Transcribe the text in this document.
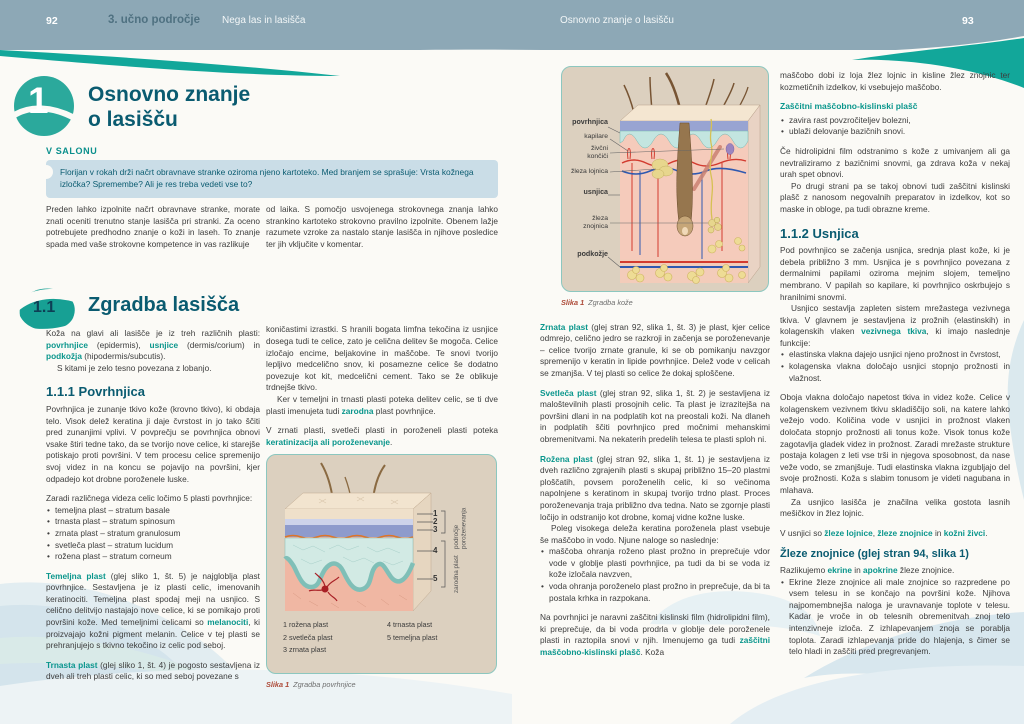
92	3. učno področje Nega las in lasišča	Osnovno znanje o lasišču	93
1 Osnovno znanje
o lasišču
V SALONU
Florijan v rokah drži načrt obravnave stranke oziroma njeno kartoteko. Med branjem se sprašuje: Vrsta kožnega izločka? Spremembe? Ali je res treba vedeti vse to?

Preden lahko izpolnite načrt obravnave stranke, morate znati oceniti trenutno stanje lasišča pri stranki. Za oceno potrebujete predhodno znanje o koži in laseh. To znanje spada med vaše strokovne kompetence in vas razlikuje

1.1 Zgradba lasišča

Koža na glavi ali lasišče je iz treh različnih plasti: povrhnjice (epidermis), usnjice (dermis/corium) in podkožja (hipodermis/subcutis).

S kitami je zelo tesno povezana z lobanjo.

1.1.1 Povrhnjica

Povrhnjica je zunanje tkivo kože (krovno tkivo), ki obdaja telo. Visok delež keratina ji daje čvrstost in jo tako ščiti pred zunanjimi vplivi. V povprečju se povrhnjica obnovi vsake štiri tedne tako, da se tvorijo nove celice, ki starejše potiskajo proti površini. V tem procesu celice spremenijo svoj videz in na koncu se pojavijo na površini, kjer odpadejo kot drobne poroženele luske.

Zaradi različnega videza celic ločimo 5 plasti povrhnjice:

• temeljna plast – stratum basale
• trnasta plast – stratum spinosum
• zrnata plast – stratum granulosum
• svetleča plast – stratum lucidum
• rožena plast – stratum corneum

Temeljna plast (glej sliko 1, št. 5) je najgloblja plast povrhnjice. Sestavljena je iz plasti celic, imenovanih keratinociti. Temeljna plast spodaj meji na usnjico. S celično delitvijo nastajajo nove celice, ki se pomikajo proti površini kože. Med temeljnimi celicami so melanociti, ki proizvajajo kožni pigment melanin. Celice v tej plasti se prehranjujejo s tkivno tekočino iz celic pod seboj.

Trnasta plast (glej sliko 1, št. 4) je pogosto sestavljena iz dveh ali treh plasti celic, ki so med seboj povezane s

od laika. S pomočjo usvojenega strokovnega znanja lahko strankino kartoteko strokovno pravilno izpolnite. Obenem lažje razumete vzroke za nastalo stanje lasišča in njihove posledice ter jih vključite v komentar.

koničastimi izrastki. S hranili bogata limfna tekočina iz usnjice dosega tudi te celice, zato je celična delitev še mogoča. Celice izločajo encime, beljakovine in maščobe. Te snovi tvorijo lepljivo medcelično snov, ki posamezne celice še dodatno povezuje kot kit, medcelični cement. Tako se že oblikuje trdnejše tkivo.

Ker v temeljni in trnasti plasti poteka delitev celic, se ti dve plasti imenujeta tudi zarodna plast povrhnjice.

V zrnati plasti, svetleči plasti in poroženeli plasti poteka keratinizacija ali poroženevanje.

1
2
3
4
5
področje poroženevanja
zarodna plast
1 rožena plast
2 svetleča plast
3 zrnata plast
4 trnasta plast
5 temeljna plast
Slika 1 Zgradba povrhnjice
povrhnjica
kapilare
živčni končiči
žleza lojnica
usnjica
žleza znojnica
podkožje
Slika 1 Zgradba kože

Zrnata plast (glej stran 92, slika 1, št. 3) je plast, kjer celice odmrejo, celično jedro se razkroji in začenja se poroženevanje – celice tvorijo zrnate granule, ki se ob pomikanju navzgor spremenijo v keratin in lipide povrhnjice. Delež vode v celicah se zmanjša. V tej plasti so celice že dokaj sploščene.

Svetleča plast (glej stran 92, slika 1, št. 2) je sestavljena iz maloštevilnih plasti prosojnih celic. Ta plast je izrazitejša na površini dlani in na podplatih kot na preostali koži. Na dlaneh in podplatih ščiti povrhnjico pred močnimi mehanskimi obremenitvami. Na nekaterih predelih telesa te plasti sploh ni.

Rožena plast (glej stran 92, slika 1, št. 1) je sestavljena iz dveh različno zgrajenih plasti s skupaj približno 15–20 plastmi ploščatih, povsem poroženelih celic, ki so večinoma napolnjene s keratinom in skupaj tvorijo trdno plast. Proces poroženevanja traja približno dva tedna. Nato se zgornje plasti ločijo in odstranijo kot drobne, komaj vidne kožne luske.

Poleg visokega deleža keratina poroženela plast vsebuje še maščobo in vodo. Njune naloge so naslednje:

• maščoba ohranja roženo plast prožno in preprečuje vdor vode v globlje plasti povrhnjice, pa tudi da bi se voda iz kože izločala navzven,
• voda ohranja poroženelo plast prožno in preprečuje, da bi ta postala krhka in razpokana.

Na povrhnjici je naravni zaščitni kislinski film (hidrolipidni film), ki preprečuje, da bi voda prodrla v globlje dele poroženele plasti in raztopila snovi v njih. Imenujemo ga tudi zaščitni maščobno-kislinski plašč. Koža

maščobo dobi iz loja žlez lojnic in kisline žlez znojnic ter kozmetičnih izdelkov, ki vsebujejo maščobo.

Zaščitni maščobno-kislinski plašč
• zavira rast povzročiteljev bolezni,
• ublaži delovanje bazičnih snovi.

Če hidrolipidni film odstranimo s kože z umivanjem ali ga nevtraliziramo z bazičnimi snovmi, ga zdrava koža v nekaj urah spet obnovi.

Po drugi strani pa se takoj obnovi tudi zaščitni kislinski plašč z nanosom negovalnih preparatov in izdelkov, kot so maske in obloge, pa tudi obrazne kreme.

1.1.2 Usnjica

Pod povrhnjico se začenja usnjica, srednja plast kože, ki je debela približno 3 mm. Usnjica je s povrhnjico povezana z dermalnimi papilami oziroma mejnim slojem, temeljno membrano. V papilah so kapilare, ki povrhnjico oskrbujejo s hranilnimi snovmi.

Usnjico sestavlja zapleten sistem mrežastega vezivnega tkiva. V glavnem je sestavljena iz prožnih (elastinskih) in kolagenskih vlaken vezivnega tkiva, ki imajo naslednje funkcije:

• elastinska vlakna dajejo usnjici njeno prožnost in čvrstost,
• kolagenska vlakna določajo usnjici stopnjo prožnosti in vlažnost.

Oboja vlakna določajo napetost tkiva in videz kože. Celice v kolagenskem vezivnem tkivu skladiščijo soli, na katere lahko vežejo vodo. Količina vode v usnjici in prožnost vlaken določata stopnjo prožnosti ali tonus kože. Visok tonus kože zagotavlja gladek videz in prožnost. Zaradi mrežaste strukture postaja kolagen z leti vse trši in njegova sposobnost, da nase veže vodo, se zmanjšuje. Tudi elastinska vlakna izgubljajo del svoje prožnosti. Koža s slabim tonusom je videti nagubana in mlahava.

Za usnjico lasišča je značilna velika gostota lasnih mešičkov in žlez lojnic.

V usnjici so žleze lojnice, žleze znojnice in kožni živci.

Žleze znojnice (glej stran 94, slika 1)

Razlikujemo ekrine in apokrine žleze znojnice.

• Ekrine žleze znojnice ali male znojnice so razpredene po vsem telesu in se končajo na površini kože. Njihova najpomembnejša naloga je uravnavanje toplote v telesu. Kadar je vroče in ob telesnih obremenitvah znoj telo intenzivneje izloča. Z izhlapevanjem znoja se porablja toplota. Zaradi izhlapevanja pride do hlajenja, s čimer se telo hladi in zaščiti pred pregrevanjem.
